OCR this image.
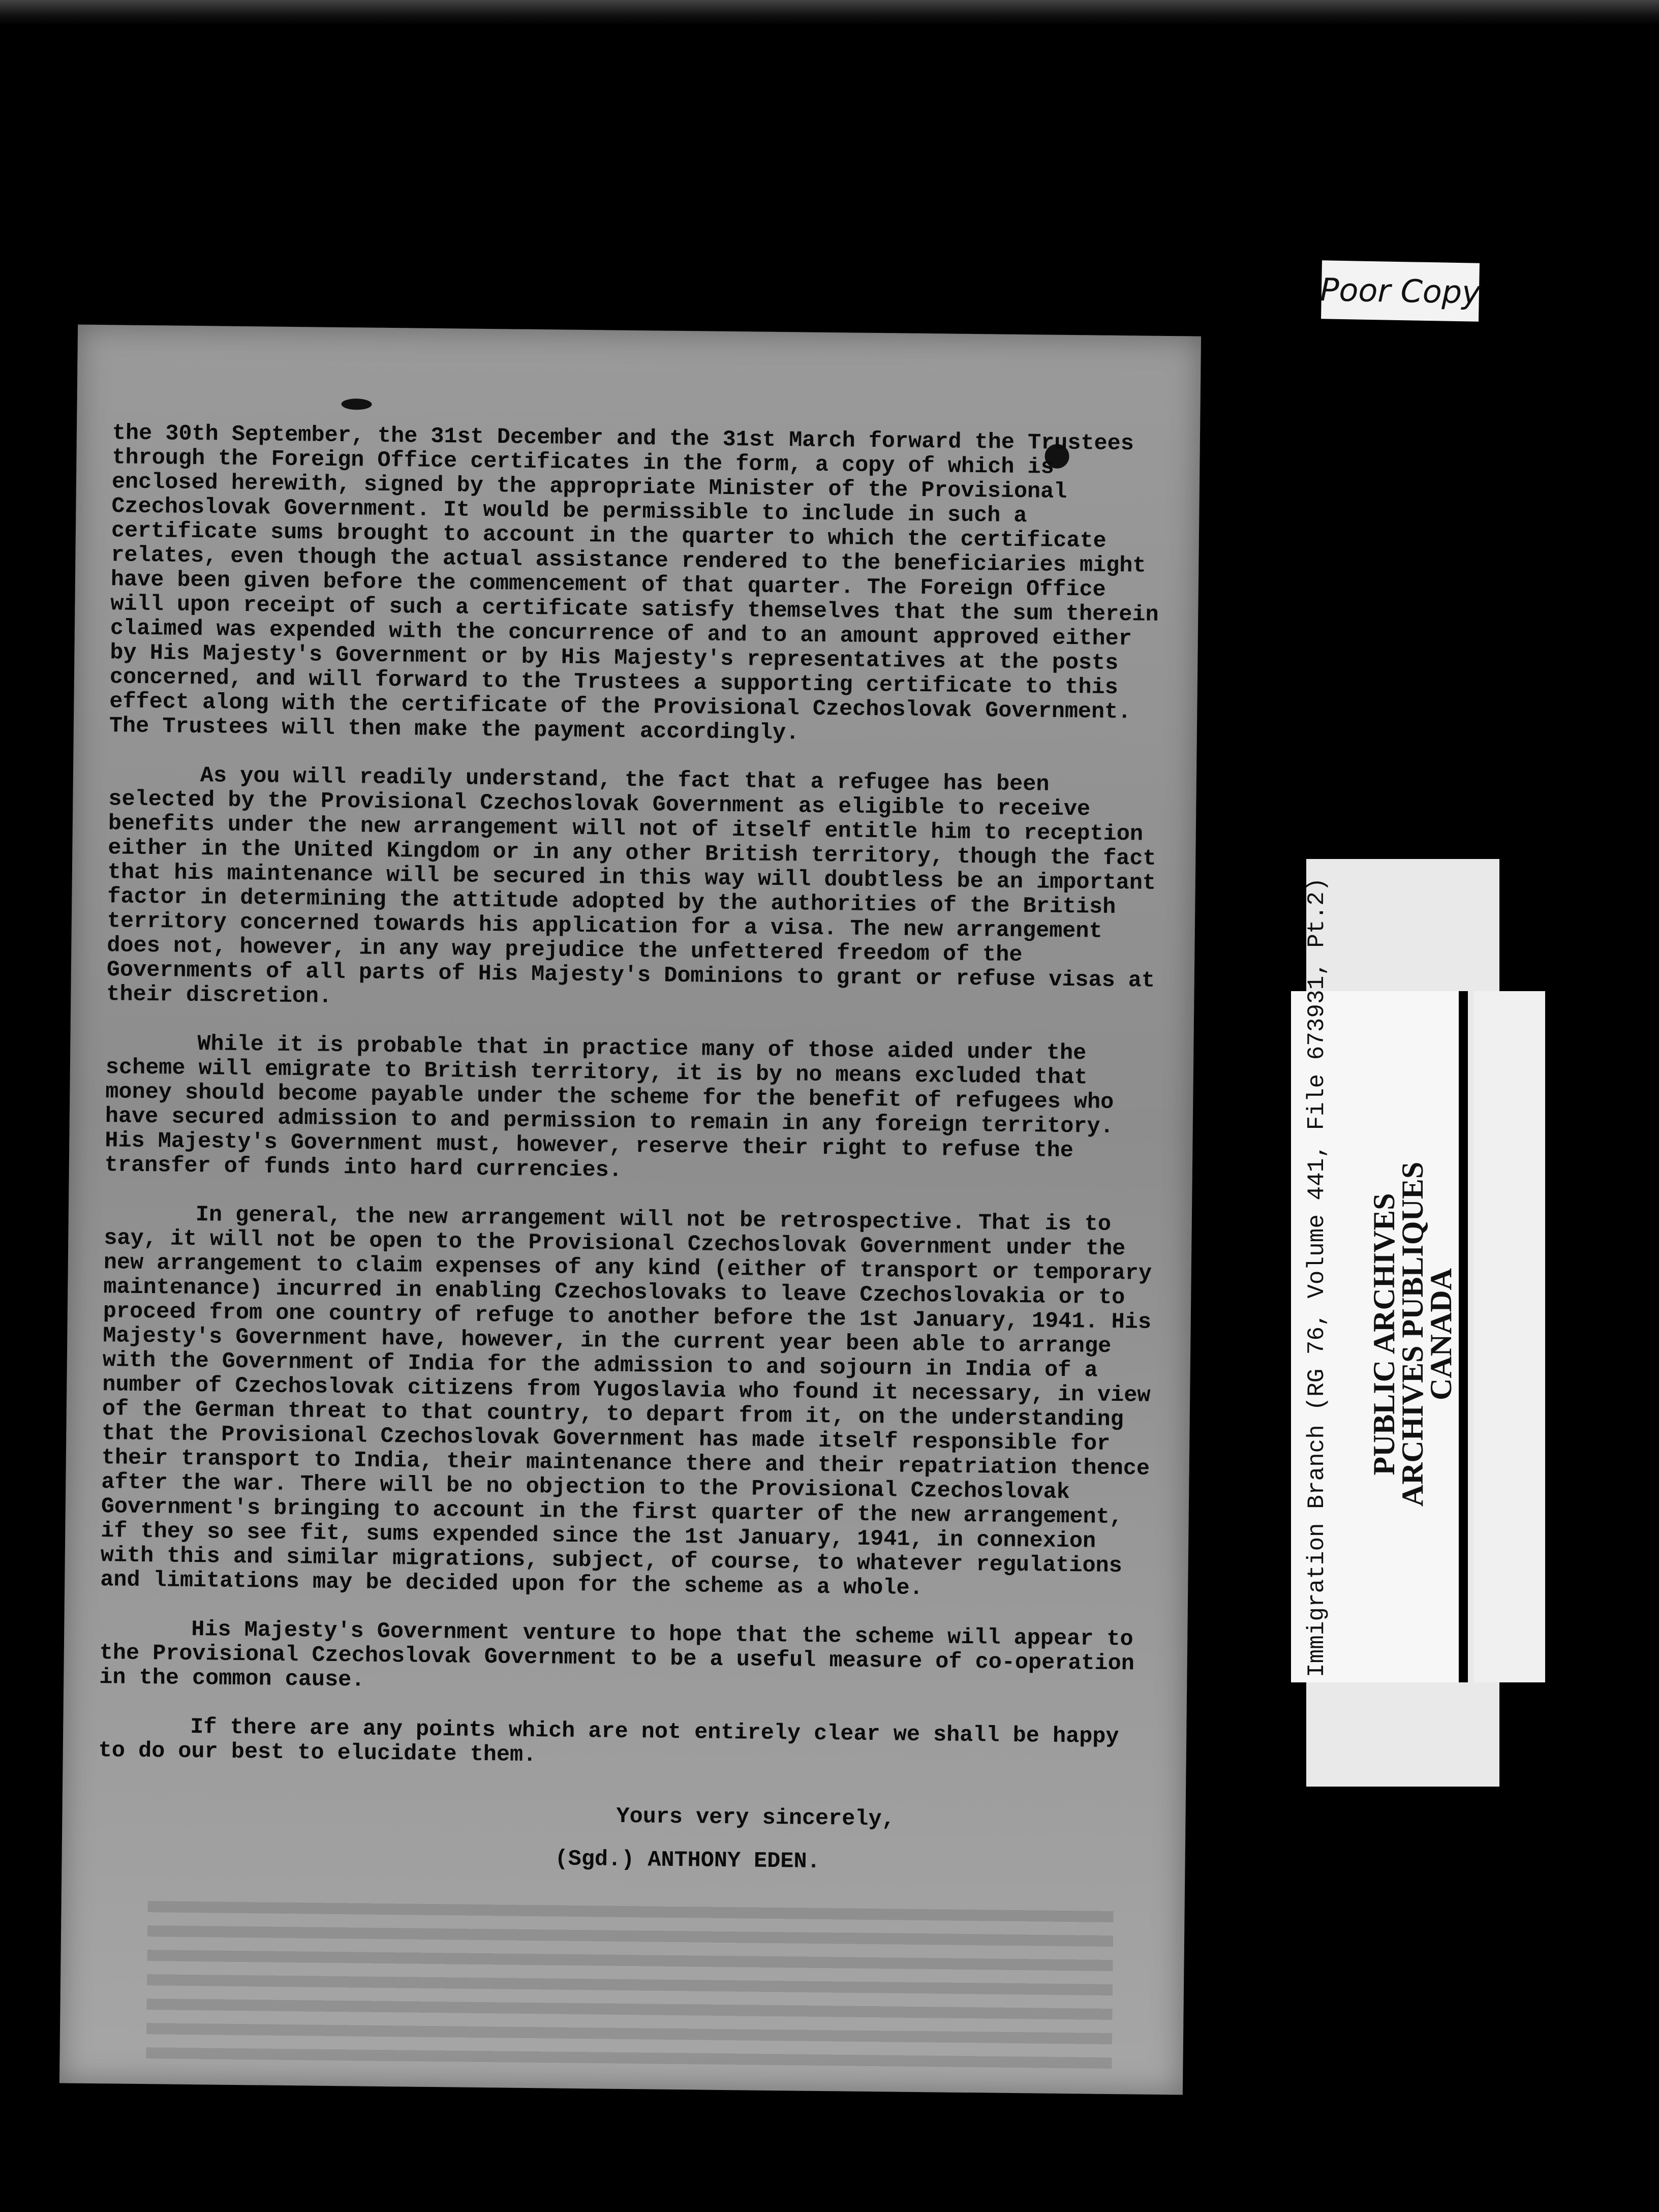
Poor Copy

the 30th September, the 31st December and the 31st March forward the Trustees through the Foreign Office certificates in the form, a copy of which is enclosed herewith, signed by the appropriate Minister of the Provisional Czechoslovak Government. It would be permissible to include in such a certificate sums brought to account in the quarter to which the certificate relates, even though the actual assistance rendered to the beneficiaries might have been given before the commencement of that quarter. The Foreign Office will upon receipt of such a certificate satisfy themselves that the sum therein claimed was expended with the concurrence of and to an amount approved either by His Majesty's Government or by His Majesty's representatives at the posts concerned, and will forward to the Trustees a supporting certificate to this effect along with the certificate of the Provisional Czechoslovak Government. The Trustees will then make the payment accordingly.

As you will readily understand, the fact that a refugee has been selected by the Provisional Czechoslovak Government as eligible to receive benefits under the new arrangement will not of itself entitle him to reception either in the United Kingdom or in any other British territory, though the fact that his maintenance will be secured in this way will doubtless be an important factor in determining the attitude adopted by the authorities of the British territory concerned towards his application for a visa. The new arrangement does not, however, in any way prejudice the unfettered freedom of the Governments of all parts of His Majesty's Dominions to grant or refuse visas at their discretion.

While it is probable that in practice many of those aided under the scheme will emigrate to British territory, it is by no means excluded that money should become payable under the scheme for the benefit of refugees who have secured admission to and permission to remain in any foreign territory. His Majesty's Government must, however, reserve their right to refuse the transfer of funds into hard currencies.

In general, the new arrangement will not be retrospective. That is to say, it will not be open to the Provisional Czechoslovak Government under the new arrangement to claim expenses of any kind (either of transport or temporary maintenance) incurred in enabling Czechoslovaks to leave Czechoslovakia or to proceed from one country of refuge to another before the 1st January, 1941. His Majesty's Government have, however, in the current year been able to arrange with the Government of India for the admission to and sojourn in India of a number of Czechoslovak citizens from Yugoslavia who found it necessary, in view of the German threat to that country, to depart from it, on the understanding that the Provisional Czechoslovak Government has made itself responsible for their transport to India, their maintenance there and their repatriation thence after the war. There will be no objection to the Provisional Czechoslovak Government's bringing to account in the first quarter of the new arrangement, if they so see fit, sums expended since the 1st January, 1941, in connexion with this and similar migrations, subject, of course, to whatever regulations and limitations may be decided upon for the scheme as a whole.

His Majesty's Government venture to hope that the scheme will appear to the Provisional Czechoslovak Government to be a useful measure of co-operation in the common cause.

If there are any points which are not entirely clear we shall be happy to do our best to elucidate them.

Yours very sincerely,
(Sgd.) ANTHONY EDEN.
Immigration Branch (RG 76, Volume 441, File 673931, Pt.2) PUBLIC ARCHIVES
ARCHIVES PUBLIQUES
CANADA
